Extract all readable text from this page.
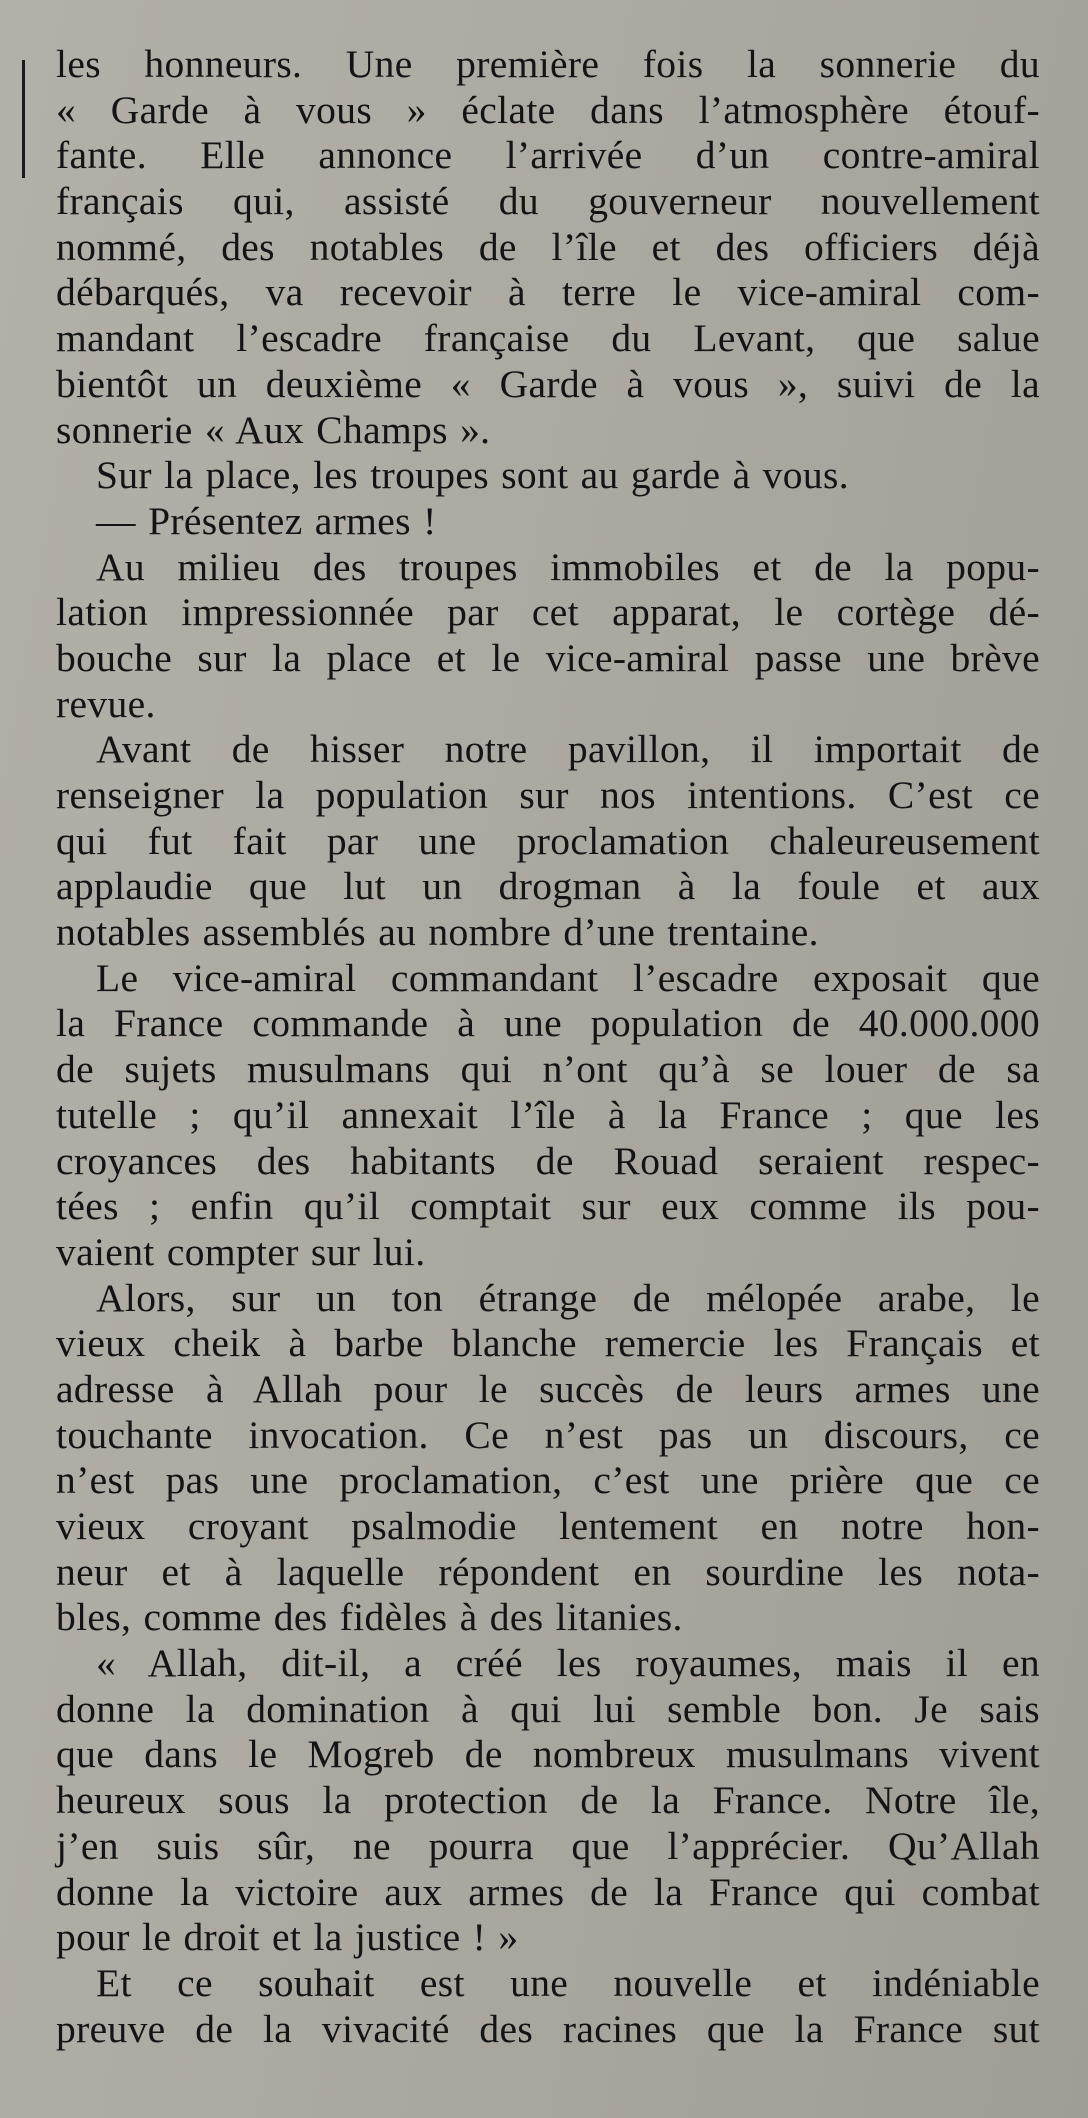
les honneurs. Une première fois la sonnerie du
« Garde à vous » éclate dans l’atmosphère étouf-
fante. Elle annonce l’arrivée d’un contre-amiral
français qui, assisté du gouverneur nouvellement
nommé, des notables de l’île et des officiers déjà
débarqués, va recevoir à terre le vice-amiral com-
mandant l’escadre française du Levant, que salue
bientôt un deuxième « Garde à vous », suivi de la
sonnerie « Aux Champs ».
Sur la place, les troupes sont au garde à vous.
— Présentez armes !
Au milieu des troupes immobiles et de la popu-
lation impressionnée par cet apparat, le cortège dé-
bouche sur la place et le vice-amiral passe une brève
revue.
Avant de hisser notre pavillon, il importait de
renseigner la population sur nos intentions. C’est ce
qui fut fait par une proclamation chaleureusement
applaudie que lut un drogman à la foule et aux
notables assemblés au nombre d’une trentaine.
Le vice-amiral commandant l’escadre exposait que
la France commande à une population de 40.000.000
de sujets musulmans qui n’ont qu’à se louer de sa
tutelle ; qu’il annexait l’île à la France ; que les
croyances des habitants de Rouad seraient respec-
tées ; enfin qu’il comptait sur eux comme ils pou-
vaient compter sur lui.
Alors, sur un ton étrange de mélopée arabe, le
vieux cheik à barbe blanche remercie les Français et
adresse à Allah pour le succès de leurs armes une
touchante invocation. Ce n’est pas un discours, ce
n’est pas une proclamation, c’est une prière que ce
vieux croyant psalmodie lentement en notre hon-
neur et à laquelle répondent en sourdine les nota-
bles, comme des fidèles à des litanies.
« Allah, dit-il, a créé les royaumes, mais il en
donne la domination à qui lui semble bon. Je sais
que dans le Mogreb de nombreux musulmans vivent
heureux sous la protection de la France. Notre île,
j’en suis sûr, ne pourra que l’apprécier. Qu’Allah
donne la victoire aux armes de la France qui combat
pour le droit et la justice ! »
Et ce souhait est une nouvelle et indéniable
preuve de la vivacité des racines que la France sut
